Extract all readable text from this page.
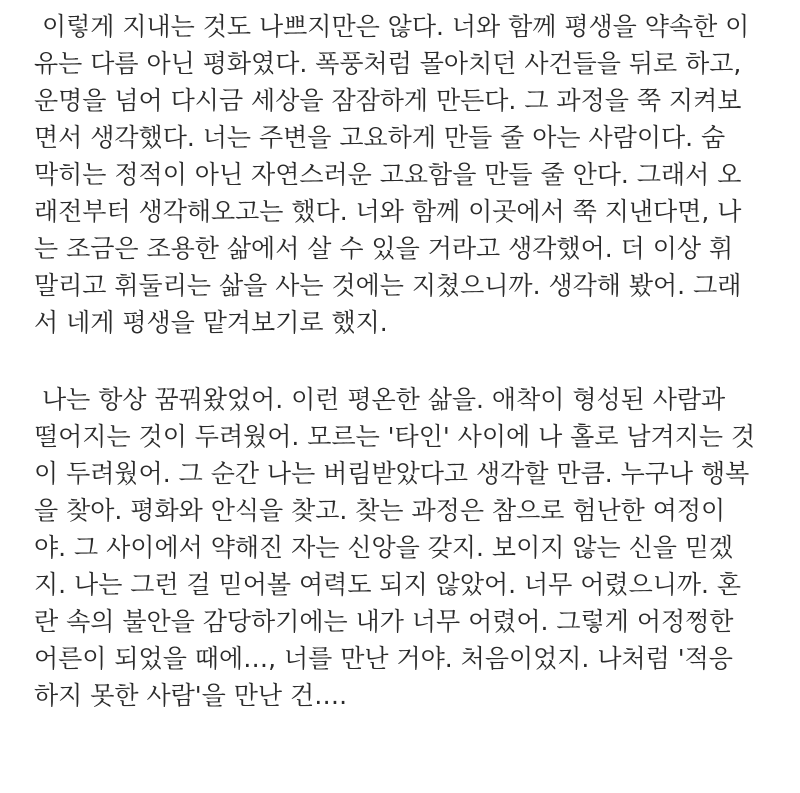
이렇게 지내는 것도 나쁘지만은 않다. 너와 함께 평생을 약속한 이
유는 다름 아닌 평화였다. 폭풍처럼 몰아치던 사건들을 뒤로 하고,
운명을 넘어 다시금 세상을 잠잠하게 만든다. 그 과정을 쭉 지켜보
면서 생각했다. 너는 주변을 고요하게 만들 줄 아는 사람이다. 숨
막히는 정적이 아닌 자연스러운 고요함을 만들 줄 안다. 그래서 오
래전부터 생각해오고는 했다. 너와 함께 이곳에서 쭉 지낸다면, 나
는 조금은 조용한 삶에서 살 수 있을 거라고 생각했어. 더 이상 휘
말리고 휘둘리는 삶을 사는 것에는 지쳤으니까. 생각해 봤어. 그래
서 네게 평생을 맡겨보기로 했지.
나는 항상 꿈꿔왔었어. 이런 평온한 삶을. 애착이 형성된 사람과
떨어지는 것이 두려웠어. 모르는 '타인' 사이에 나 홀로 남겨지는 것
이 두려웠어. 그 순간 나는 버림받았다고 생각할 만큼. 누구나 행복
을 찾아. 평화와 안식을 찾고. 찾는 과정은 참으로 험난한 여정이
야. 그 사이에서 약해진 자는 신앙을 갖지. 보이지 않는 신을 믿겠
지. 나는 그런 걸 믿어볼 여력도 되지 않았어. 너무 어렸으니까. 혼
란 속의 불안을 감당하기에는 내가 너무 어렸어. 그렇게 어정쩡한
어른이 되었을 때에…, 너를 만난 거야. 처음이었지. 나처럼 '적응
하지 못한 사람'을 만난 건….
